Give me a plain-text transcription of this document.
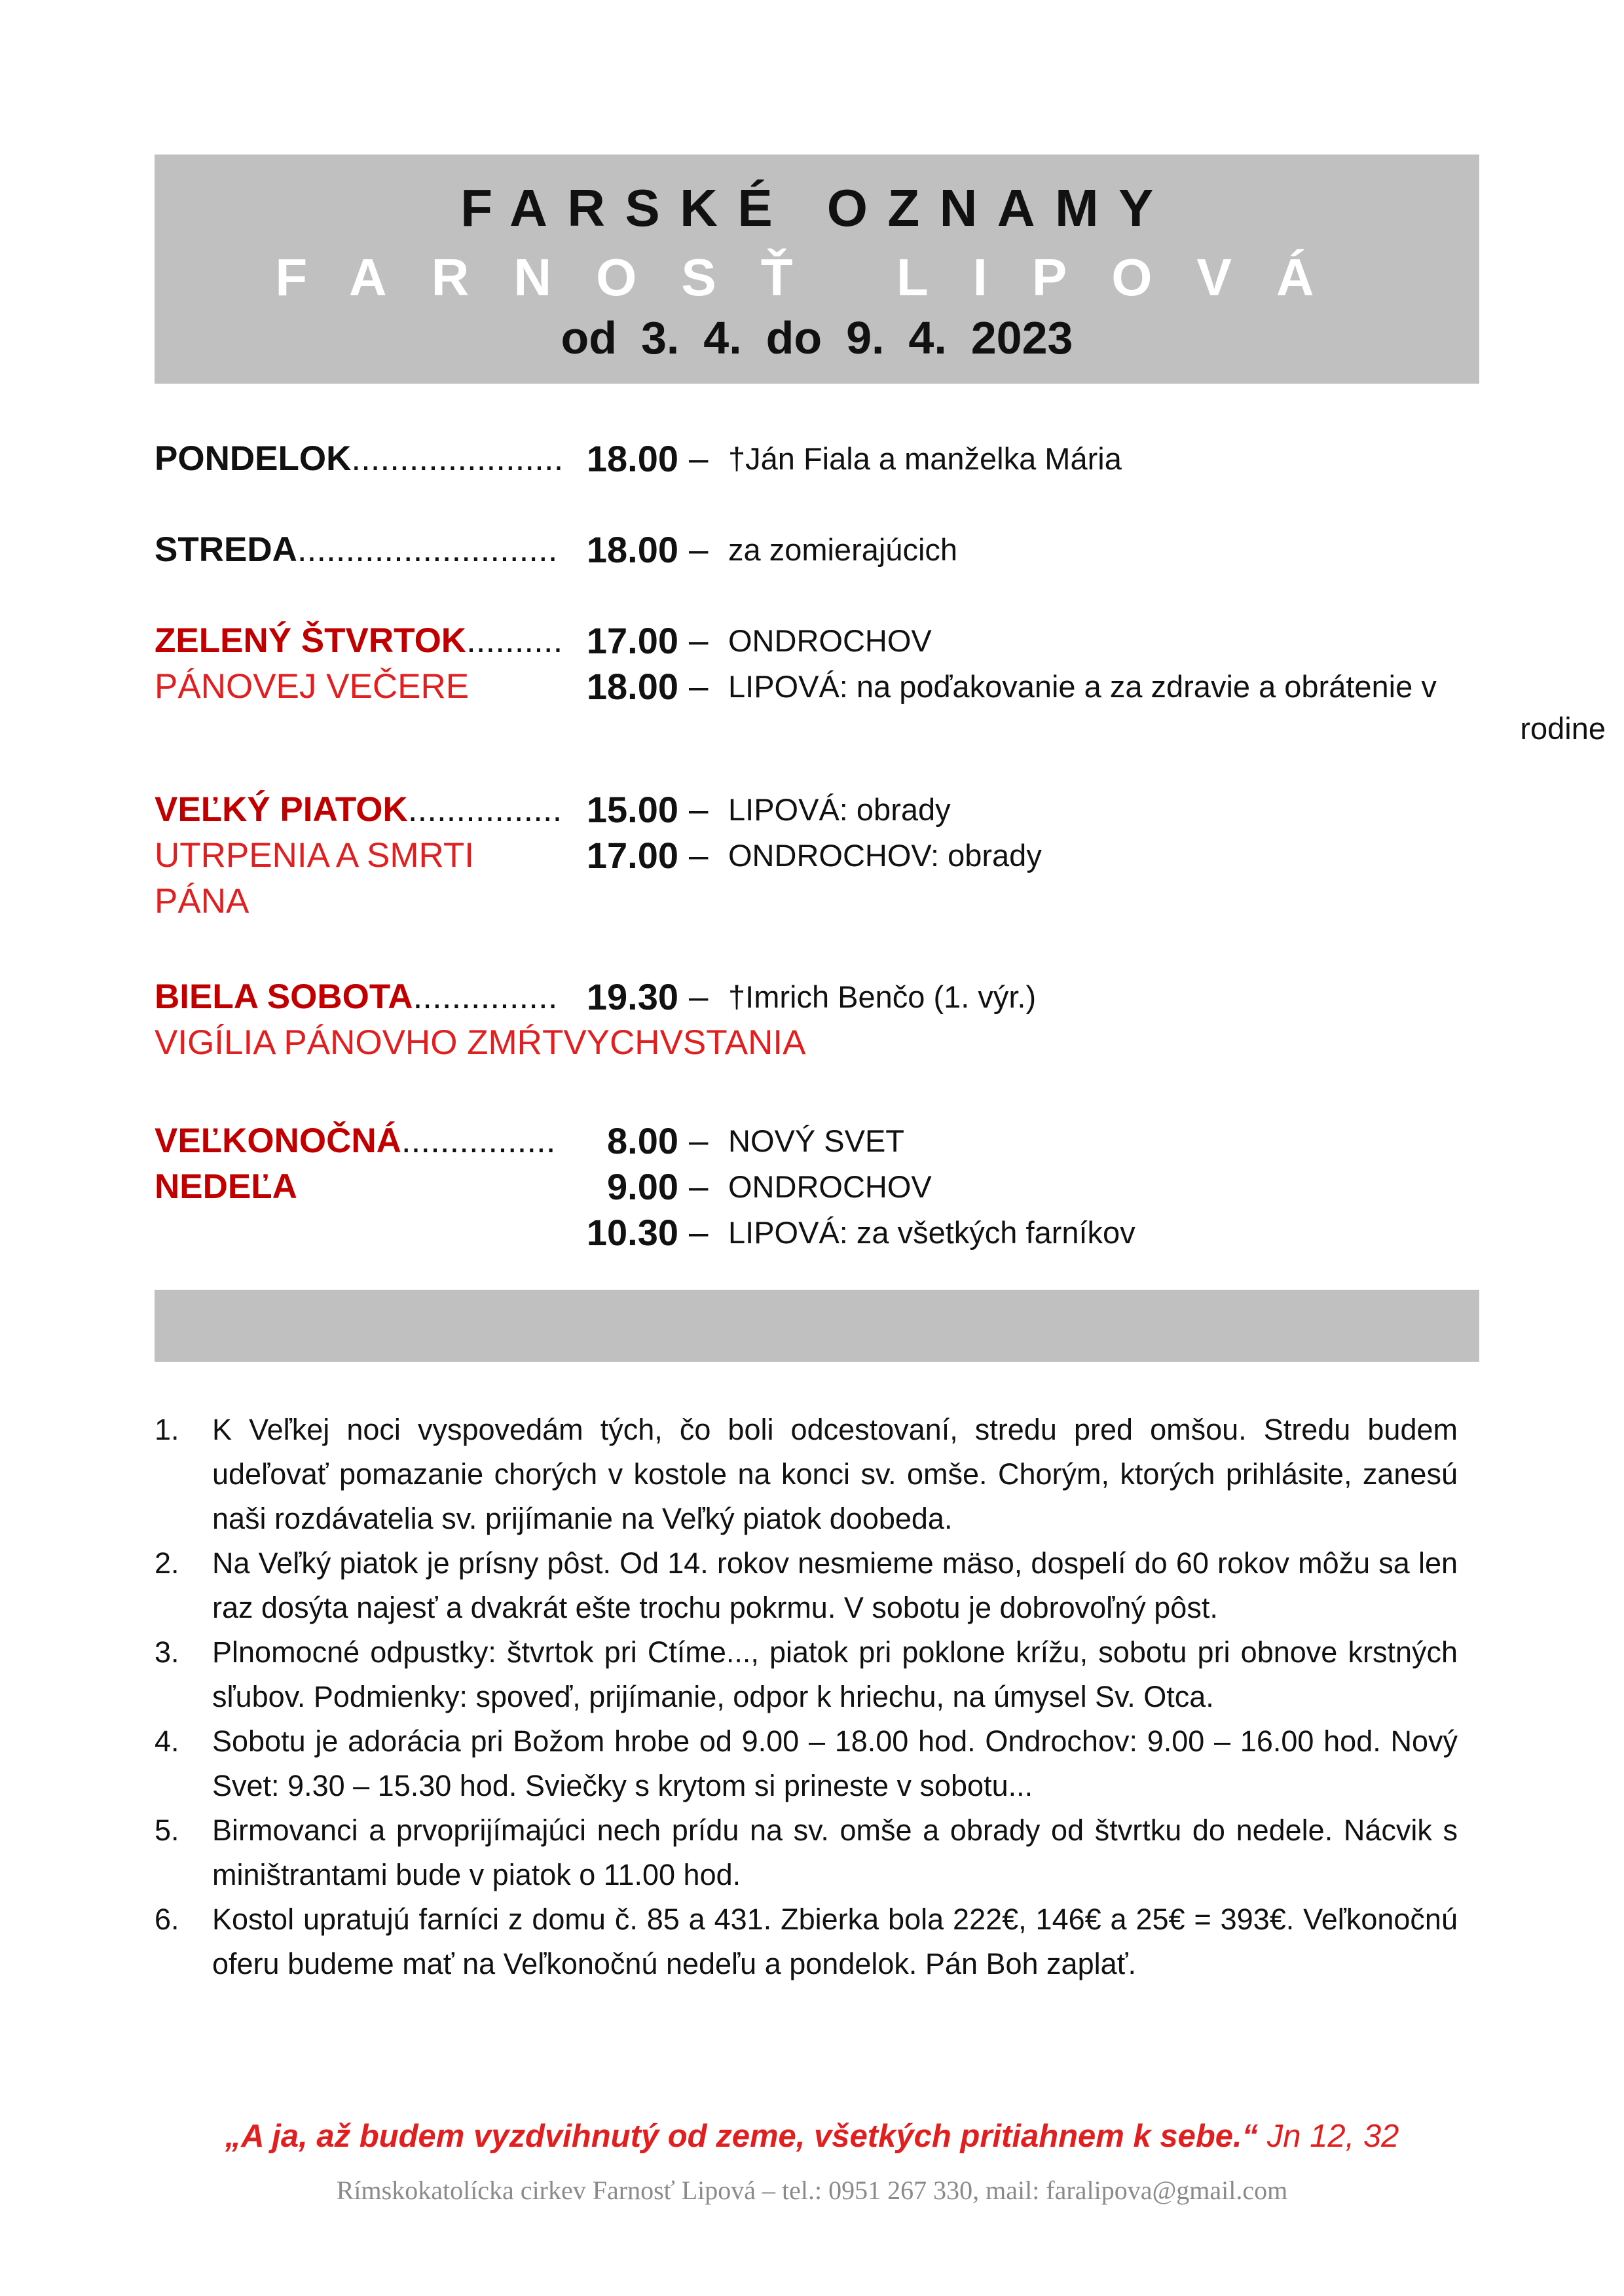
FARSKÉ OZNAMY
FARNOSŤ LIPOVÁ
od 3. 4. do 9. 4. 2023
PONDELOK...................... 18.00 – †Ján Fiala a manželka Mária
STREDA........................... 18.00 – za zomierajúcich
ZELENÝ ŠTVRTOK..........
PÁNOVEJ VEČERE
17.00 – ONDROCHOV
18.00 – LIPOVÁ: na poďakovanie a za zdravie a obrátenie v
rodine
VEĽKÝ PIATOK................
UTRPENIA A SMRTI
PÁNA
15.00 – LIPOVÁ: obrady
17.00 – ONDROCHOV: obrady
BIELA SOBOTA...............
VIGÍLIA PÁNOVHO ZMŔTVYCHVSTANIA
19.30 – †Imrich Benčo (1. výr.)
VEĽKONOČNÁ................
NEDEĽA
8.00 – NOVÝ SVET
9.00 – ONDROCHOV
10.30 – LIPOVÁ: za všetkých farníkov
1. K Veľkej noci vyspovedám tých, čo boli odcestovaní, stredu pred omšou. Stredu budem udeľovať pomazanie chorých v kostole na konci sv. omše. Chorým, ktorých prihlásite, zanesú naši rozdávatelia sv. prijímanie na Veľký piatok doobeda.
2. Na Veľký piatok je prísny pôst. Od 14. rokov nesmieme mäso, dospelí do 60 rokov môžu sa len raz dosýta najesť a dvakrát ešte trochu pokrmu. V sobotu je dobrovoľný pôst.
3. Plnomocné odpustky: štvrtok pri Ctíme..., piatok pri poklone krížu, sobotu pri obnove krstných sľubov. Podmienky: spoveď, prijímanie, odpor k hriechu, na úmysel Sv. Otca.
4. Sobotu je adorácia pri Božom hrobe od 9.00 – 18.00 hod. Ondrochov: 9.00 – 16.00 hod. Nový Svet: 9.30 – 15.30 hod. Sviečky s krytom si prineste v sobotu...
5. Birmovanci a prvoprijímajúci nech prídu na sv. omše a obrady od štvrtku do nedele. Nácvik s miništrantami bude v piatok o 11.00 hod.
6. Kostol upratujú farníci z domu č. 85 a 431. Zbierka bola 222€, 146€ a 25€ = 393€. Veľkonočnú oferu budeme mať na Veľkonočnú nedeľu a pondelok. Pán Boh zaplať.
„A ja, až budem vyzdvihnutý od zeme, všetkých pritiahnem k sebe.“ Jn 12, 32
Rímskokatolícka cirkev Farnosť Lipová – tel.: 0951 267 330, mail: faralipova@gmail.com
